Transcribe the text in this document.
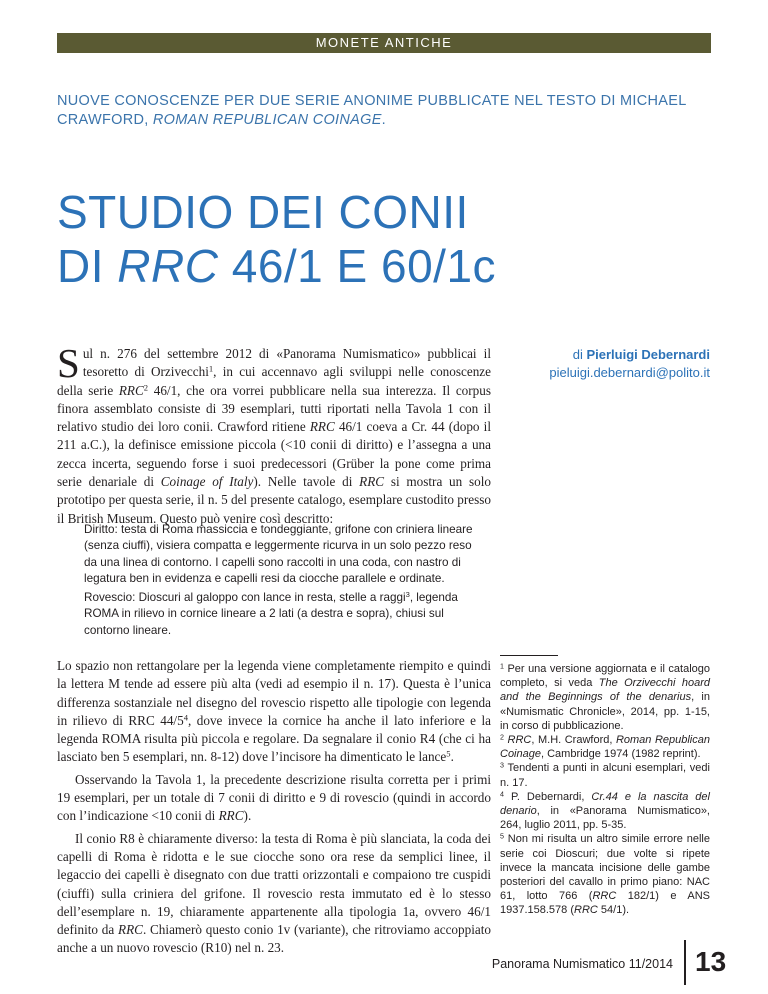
MONETE ANTICHE
NUOVE CONOSCENZE PER DUE SERIE ANONIME PUBBLICATE NEL TESTO DI MICHAEL CRAWFORD, ROMAN REPUBLICAN COINAGE.
STUDIO DEI CONII
DI RRC 46/1 E 60/1c
di Pierluigi Debernardi
pieluigi.debernardi@polito.it
Sul n. 276 del settembre 2012 di «Panorama Numismatico» pubblicai il tesoretto di Orzivecchi$^1$, in cui accennavo agli sviluppi nelle conoscenze della serie RRC$^2$ 46/1, che ora vorrei pubblicare nella sua interezza. Il corpus finora assemblato consiste di 39 esemplari, tutti riportati nella Tavola 1 con il relativo studio dei loro conii. Crawford ritiene RRC 46/1 coeva a Cr. 44 (dopo il 211 a.C.), la definisce emissione piccola (<10 conii di diritto) e l’assegna a una zecca incerta, seguendo forse i suoi predecessori (Grüber la pone come prima serie denariale di Coinage of Italy). Nelle tavole di RRC si mostra un solo prototipo per questa serie, il n. 5 del presente catalogo, esemplare custodito presso il British Museum. Questo può venire così descritto:

Diritto: testa di Roma massiccia e tondeggiante, grifone con criniera lineare (senza ciuffi), visiera compatta e leggermente ricurva in un solo pezzo reso da una linea di contorno. I capelli sono raccolti in una coda, con nastro di legatura ben in evidenza e capelli resi da ciocche parallele e ordinate.

Rovescio: Dioscuri al galoppo con lance in resta, stelle a raggi$^3$, legenda ROMA in rilievo in cornice lineare a 2 lati (a destra e sopra), chiusi sul contorno lineare.

Lo spazio non rettangolare per la legenda viene completamente riempito e quindi la lettera M tende ad essere più alta (vedi ad esempio il n. 17). Questa è l’unica differenza sostanziale nel disegno del rovescio rispetto alle tipologie con legenda in rilievo di RRC $44/5^4$, dove invece la cornice ha anche il lato inferiore e la legenda ROMA risulta più piccola e regolare. Da segnalare il conio R4 (che ci ha lasciato ben 5 esemplari, nn. 8-12) dove l’incisore ha dimenticato le lance$^5$.

Osservando la Tavola 1, la precedente descrizione risulta corretta per i primi 19 esemplari, per un totale di 7 conii di diritto e 9 di rovescio (quindi in accordo con l’indicazione <10 conii di RRC).

Il conio R8 è chiaramente diverso: la testa di Roma è più slanciata, la coda dei capelli di Roma è ridotta e le sue ciocche sono ora rese da semplici linee, il legaccio dei capelli è disegnato con due tratti orizzontali e compaiono tre cuspidi (ciuffi) sulla criniera del grifone. Il rovescio resta immutato ed è lo stesso dell’esemplare n. 19, chiaramente appartenente alla tipologia 1a, ovvero 46/1 definito da RRC. Chiamerò questo conio 1v (variante), che ritroviamo accoppiato anche a un nuovo rovescio (R10) nel n. 23.

$^1$ Per una versione aggiornata e il catalogo completo, si veda The Orzivecchi hoard and the Beginnings of the denarius, in «Numismatic Chronicle», 2014, pp. 1-15, in corso di pubblicazione.

$^2$ RRC, M.H. Crawford, Roman Republican Coinage, Cambridge 1974 (1982 reprint).

$^3$ Tendenti a punti in alcuni esemplari, vedi n. 17.

$^4$ P. Debernardi, Cr.44 e la nascita del denario, in «Panorama Numismatico», 264, luglio 2011, pp. 5-35.

$^5$ Non mi risulta un altro simile errore nelle serie coi Dioscuri; due volte si ripete invece la mancata incisione delle gambe posteriori del cavallo in primo piano: NAC 61, lotto 766 (RRC 182/1) e ANS 1937.158.578 (RRC 54/1).

Panorama Numismatico 11/2014 13
